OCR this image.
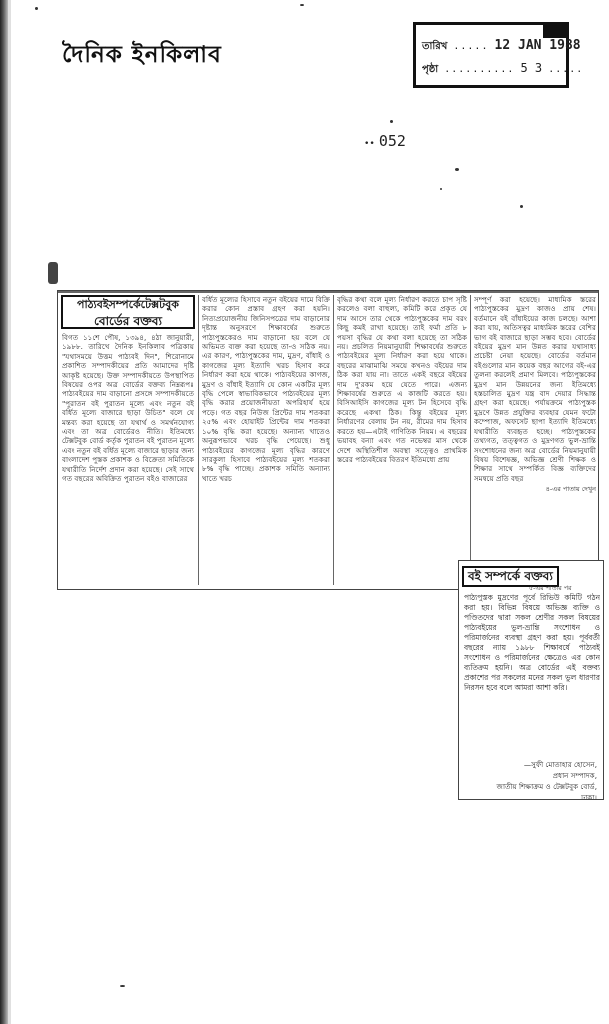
দৈনিক ইনকিলাব	তারিখ ..... 12 JAN 1988
পৃষ্ঠা .......... 5 3 .....
•• 052
পাঠ্যবইসম্পর্কেটেক্সটবুক
বোর্ডের বক্তব্য
বিগত ১১শে পৌষ, ১৩৯৪, ৪ঠা জানুয়ারী, ১৯৮৮. তারিখে দৈনিক ইনকিলাব পত্রিকায় "যথাসময়ে উত্তম পাঠ্যবই দিন", শিরোনামে প্রকাশিত সম্পাদকীয়ের প্রতি আমাদের দৃষ্টি আকৃষ্ট হয়েছে। উক্ত সম্পাদকীয়তে উপস্থাপিত বিষয়ের ওপর অত্র বোর্ডের বক্তব্য নিম্নরূপঃ পাঠ্যবইয়ের দাম বাড়ানো প্রসঙ্গে সম্পাদকীয়তে "পুরাতন বই পুরাতন মূল্যে এবং নতুন বই বর্ধিত মূল্যে বাজারে ছাড়া উচিত" বলে যে মন্তব্য করা হয়েছে তা যথার্থ ও সমর্থনযোগ্য এবং তা অত্র বোর্ডেরও নীতি। ইতিমধ্যে টেক্সটবুক বোর্ড কর্তৃক পুরাতন বই পুরাতন মূল্যে এবং নতুন বই বর্ধিত মূল্যে বাজারে ছাড়ার জন্য বাংলাদেশ পুস্তক প্রকাশক ও বিক্রেতা সমিতিকে যথারীতি নির্দেশ প্রদান করা হয়েছে। সেই সাথে গত বছরের অবিক্রিত পুরাতন বইও বাজারের
বর্ধিত মূল্যের হিসাবে নতুন বইয়ের দামে বিক্রি করার কোন প্রস্তাব গ্রহণ করা হয়নি। নিত্যপ্রয়োজনীয় জিনিসপত্রের দাম বাড়ানোর দৃষ্টান্ত অনুসরণে শিক্ষাবর্ষের শুরুতে পাঠ্যপুস্তকেরও দাম বাড়ানো হয় বলে যে অভিমত ব্যক্ত করা হয়েছে তা-ও সঠিক নয়। এর কারণ, পাঠ্যপুস্তকের দাম, মুদ্রণ, বাঁধাই ও কাগজের মূল্য ইত্যাদি খরচ হিসাব করে নির্ধারণ করা হয়ে থাকে। পাঠ্যবইয়ের কাগজ, মুদ্রণ ও বাঁধাই ইত্যাদি যে কোন একটির মূল্য বৃদ্ধি পেলে স্বাভাবিকভাবে পাঠ্যবইয়ের মূল্য বৃদ্ধি করার প্রয়োজনীয়তা অপরিহার্য হয়ে পড়ে। গত বছর নিউজ প্রিন্টের দাম শতকরা ২৫% এবং হোয়াইট প্রিন্টের দাম শতকরা ১০% বৃদ্ধি করা হয়েছে। অন্যান্য খাতেও অনুরূপভাবে খরচ বৃদ্ধি পেয়েছে। শুধু পাঠ্যবইয়ের কাগজের মূল্য বৃদ্ধির কারণে সারকুলা হিসাবে পাঠ্যবইয়ের মূল্য শতকরা ৮% বৃদ্ধি পাচ্ছে। প্রকাশক সমিতি অন্যান্য খাতে খরচ
বৃদ্ধির কথা বলে মূল্য নির্ধারণ করতে চাপ সৃষ্টি করলেও বলা বাহুল্য, কমিটি করে প্রকৃত যে দাম আসে তার থেকে পাঠ্যপুস্তকের দাম বরং কিছু কমই রাখা হয়েছে। তাই ফর্মা প্রতি ৮ পয়সা বৃদ্ধির যে কথা বলা হয়েছে তা সঠিক নয়। প্রচলিত নিয়মানুযায়ী শিক্ষাবর্ষের শুরুতে পাঠ্যবইয়ের মূল্য নির্ধারণ করা হয়ে থাকে। বছরের মাঝামাঝি সময়ে কখনও বইয়ের দাম ঠিক করা যায় না। তাতে একই বছরে বইয়ের দাম দু'রকম হয়ে যেতে পারে। এজন্য শিক্ষাবর্ষের শুরুতে এ কাজটি করতে হয়। বিসিআইসি কাগজের মূল্য টন হিসেবে বৃদ্ধি করেছে একথা ঠিক। কিন্তু বইয়ের মূল্য নির্ধারণের বেলায় টন নয়, রীমের দাম হিসাব করতে হয়—এটাই গাণিতিক নিয়ম। এ বছরের ভয়াবহ বন্যা এবং গত নভেম্বর মাস থেকে দেশে অস্থিতিশীল অবস্থা সত্ত্বেও প্রাথমিক স্তরের পাঠ্যবইয়ের বিতরণ ইতিমধ্যে প্রায়
সম্পূর্ণ করা হয়েছে। মাধ্যমিক স্তরের পাঠ্যপুস্তকের মুদ্রণ কাজও প্রায় শেষ। বর্তমানে বই বাঁধাইয়ের কাজ চলছে। আশা করা যায়, অতিসত্বর মাধ্যমিক স্তরের বেশির ভাগ বই বাজারে ছাড়া সম্ভব হবে। বোর্ডের বইয়ের মুদ্রণ মান উন্নত করার যথাসাধ্য প্রচেষ্টা নেয়া হয়েছে। বোর্ডের বর্তমান বইগুলোর মান কয়েক বছর আগের বই-এর তুলনা করলেই প্রমাণ মিলবে। পাঠ্যপুস্তকের মুদ্রণ মান উন্নয়নের জন্য ইতিমধ্যে হস্তচালিত মুদ্রণ যন্ত্র বাদ দেয়ার সিদ্ধান্ত গ্রহণ করা হয়েছে। পর্যায়ক্রমে পাঠ্যপুস্তক মুদ্রণে উন্নত প্রযুক্তির ব্যবহার যেমন ফটো কম্পোজ, অফসেট ছাপা ইত্যাদি ইতিমধ্যে যথারীতি ব্যবহৃত হচ্ছে। পাঠ্যপুস্তকের তথ্যগত, তত্ত্বগত ও মুদ্রণগত ভুল-ভ্রান্তি সংশোধনের জন্য অত্র বোর্ডের নিয়মানুযায়ী বিষয় বিশেষজ্ঞ, অভিজ্ঞ শ্রেণী শিক্ষক ও শিক্ষার সাথে সম্পর্কিত বিজ্ঞ ব্যক্তিদের সমন্বয়ে প্রতি বছর
৪-এর পাতায় দেখুন
বই সম্পর্কে বক্তব্য
৫-এর পাতার পর
পাঠ্যপুস্তক মুদ্রণের পূর্বে রিভিউ কমিটি গঠন করা হয়। বিভিন্ন বিষয়ে অভিজ্ঞ ব্যক্তি ও পণ্ডিতদের দ্বারা সকল শ্রেণীর সকল বিষয়ের পাঠ্যবইয়ের ভুল-ভ্রান্তি সংশোধন ও পরিমার্জনের ব্যবস্থা গ্রহণ করা হয়। পূর্ববর্তী বছরের ন্যায় ১৯৮৮ শিক্ষাবর্ষে পাঠ্যবই সংশোধন ও পরিমার্জনের ক্ষেত্রেও এর কোন ব্যতিক্রম হয়নি। অত্র বোর্ডের এই বক্তব্য প্রকাশের পর সকলের মনের সকল ভুল ধারণার নিরসন হবে বলে আমরা আশা করি।
—সুফী মোতাহার হোসেন,
প্রধান সম্পাদক,
জাতীয় শিক্ষাক্রম ও টেক্সটবুক বোর্ড,
ঢাকা।
